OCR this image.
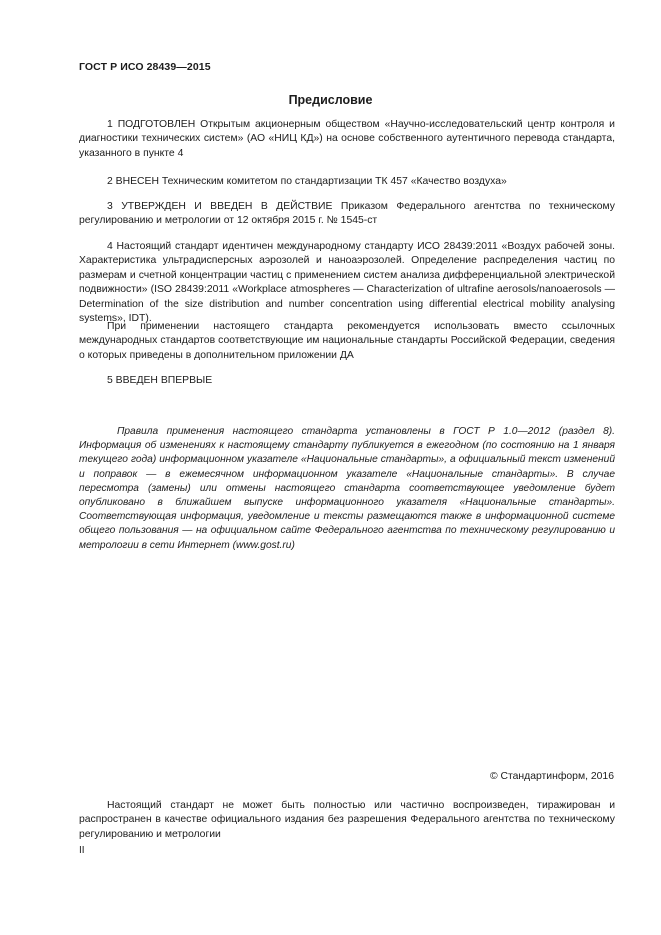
ГОСТ Р ИСО 28439—2015
Предисловие

1 ПОДГОТОВЛЕН Открытым акционерным обществом «Научно-исследовательский центр контроля и диагностики технических систем» (АО «НИЦ КД») на основе собственного аутентичного перевода стандарта, указанного в пункте 4

2 ВНЕСЕН Техническим комитетом по стандартизации ТК 457 «Качество воздуха»

3 УТВЕРЖДЕН И ВВЕДЕН В ДЕЙСТВИЕ Приказом Федерального агентства по техническому регулированию и метрологии от 12 октября 2015 г. № 1545-ст

4 Настоящий стандарт идентичен международному стандарту ИСО 28439:2011 «Воздух рабочей зоны. Характеристика ультрадисперсных аэрозолей и наноаэрозолей. Определение распределения частиц по размерам и счетной концентрации частиц с применением систем анализа дифференциальной электрической подвижности» (ISO 28439:2011 «Workplace atmospheres — Characterization of ultrafine aerosols/nanoaerosols — Determination of the size distribution and number concentration using differential electrical mobility analysing systems», IDT).

При применении настоящего стандарта рекомендуется использовать вместо ссылочных международных стандартов соответствующие им национальные стандарты Российской Федерации, сведения о которых приведены в дополнительном приложении ДА

5 ВВЕДЕН ВПЕРВЫЕ

Правила применения настоящего стандарта установлены в ГОСТ Р 1.0—2012 (раздел 8). Информация об изменениях к настоящему стандарту публикуется в ежегодном (по состоянию на 1 января текущего года) информационном указателе «Национальные стандарты», а официальный текст изменений и поправок — в ежемесячном информационном указателе «Национальные стандарты». В случае пересмотра (замены) или отмены настоящего стандарта соответствующее уведомление будет опубликовано в ближайшем выпуске информационного указателя «Национальные стандарты». Соответствующая информация, уведомление и тексты размещаются также в информационной системе общего пользования — на официальном сайте Федерального агентства по техническому регулированию и метрологии в сети Интернет (www.gost.ru)
© Стандартинформ, 2016

Настоящий стандарт не может быть полностью или частично воспроизведен, тиражирован и распространен в качестве официального издания без разрешения Федерального агентства по техническому регулированию и метрологии

II
